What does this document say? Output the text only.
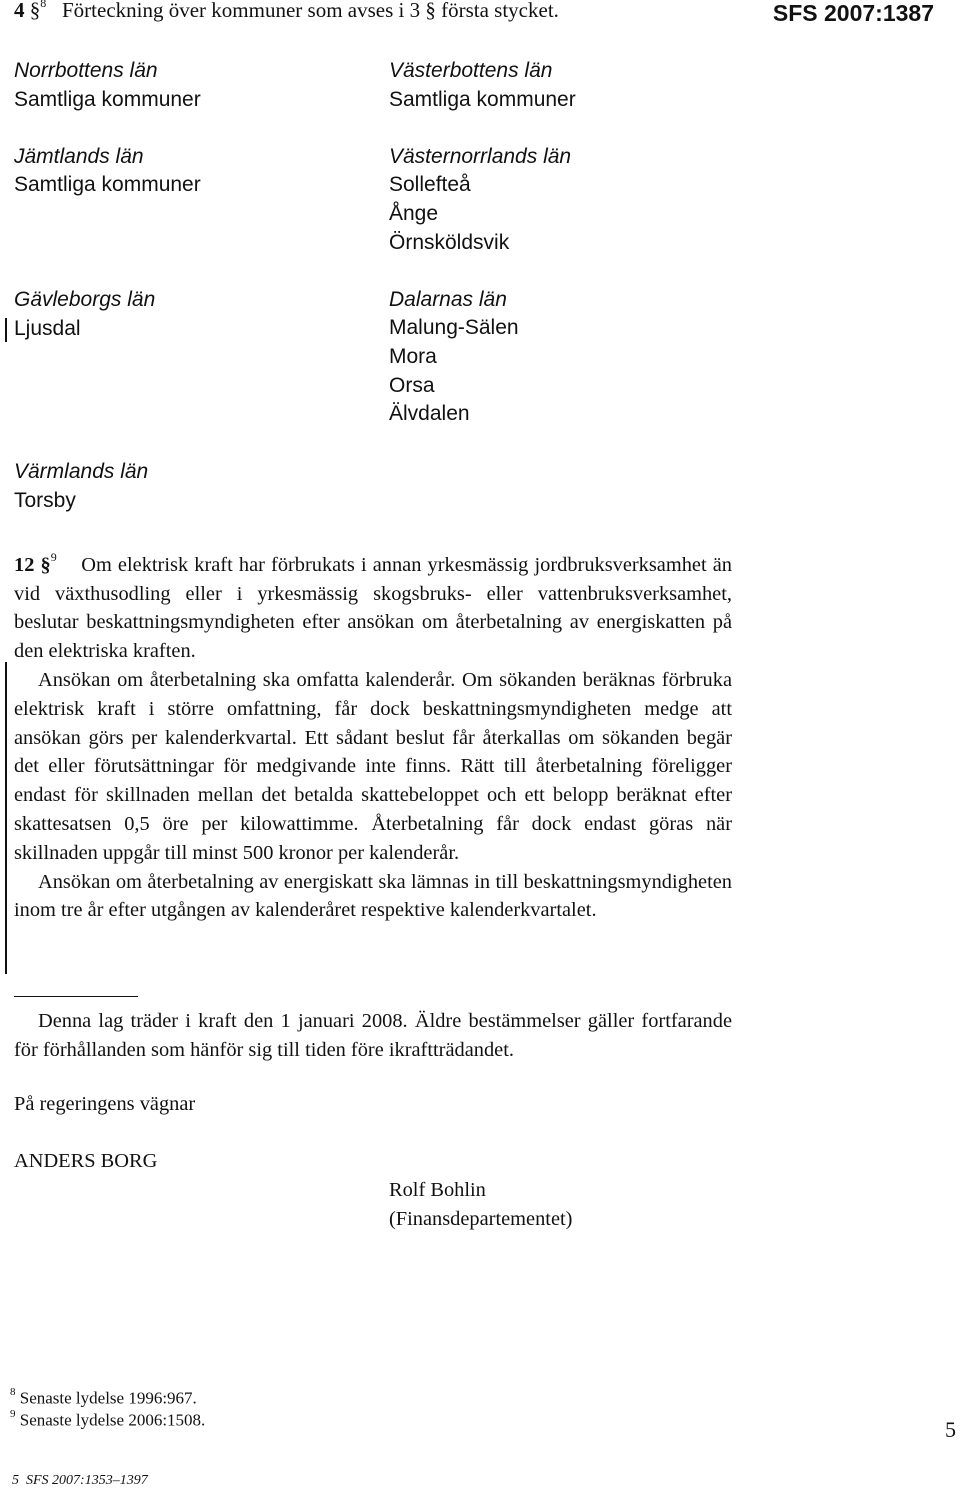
4 §$^8$ Förteckning över kommuner som avses i 3 § första stycket.	SFS 2007:1387
Norrbottens län
Samtliga kommuner
Jämtlands län
Samtliga kommuner
Gävleborgs län
Ljusdal
Värmlands län
Torsby
Västerbottens län
Samtliga kommuner
Västernorrlands län
Sollefteå
Ånge
Örnsköldsvik
Dalarnas län
Malung-Sälen
Mora
Orsa
Älvdalen

12 §$^9$ Om elektrisk kraft har förbrukats i annan yrkesmässig jordbruksverksamhet än vid växthusodling eller i yrkesmässig skogsbruks- eller vattenbruksverksamhet, beslutar beskattningsmyndigheten efter ansökan om återbetalning av energiskatten på den elektriska kraften.

Ansökan om återbetalning ska omfatta kalenderår. Om sökanden beräknas förbruka elektrisk kraft i större omfattning, får dock beskattningsmyndigheten medge att ansökan görs per kalenderkvartal. Ett sådant beslut får återkallas om sökanden begär det eller förutsättningar för medgivande inte finns. Rätt till återbetalning föreligger endast för skillnaden mellan det betalda skattebeloppet och ett belopp beräknat efter skattesatsen 0,5 öre per kilowattimme. Återbetalning får dock endast göras när skillnaden uppgår till minst 500 kronor per kalenderår.

Ansökan om återbetalning av energiskatt ska lämnas in till beskattningsmyndigheten inom tre år efter utgången av kalenderåret respektive kalenderkvartalet.

Denna lag träder i kraft den 1 januari 2008. Äldre bestämmelser gäller fortfarande för förhållanden som hänför sig till tiden före ikraftträdandet.

På regeringens vägnar
ANDERS BORG
Rolf Bohlin
(Finansdepartementet)
$^8$ Senaste lydelse 1996:967.
$^9$ Senaste lydelse 2006:1508.	5
5  SFS 2007:1353–1397
